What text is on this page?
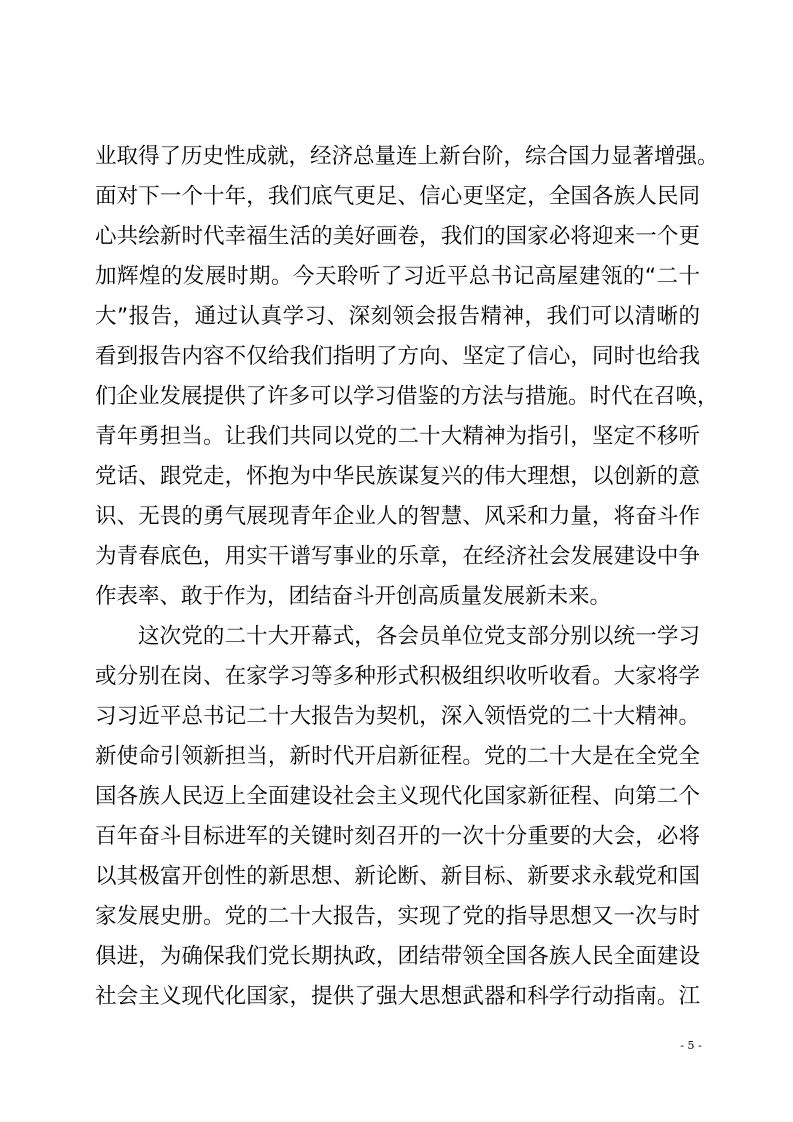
业取得了历史性成就，经济总量连上新台阶，综合国力显著增强。
面对下一个十年，我们底气更足、信心更坚定，全国各族人民同
心共绘新时代幸福生活的美好画卷，我们的国家必将迎来一个更
加辉煌的发展时期。今天聆听了习近平总书记高屋建瓴的“二十
大”报告，通过认真学习、深刻领会报告精神，我们可以清晰的
看到报告内容不仅给我们指明了方向、坚定了信心，同时也给我
们企业发展提供了许多可以学习借鉴的方法与措施。时代在召唤，
青年勇担当。让我们共同以党的二十大精神为指引，坚定不移听
党话、跟党走，怀抱为中华民族谋复兴的伟大理想，以创新的意
识、无畏的勇气展现青年企业人的智慧、风采和力量，将奋斗作
为青春底色，用实干谱写事业的乐章，在经济社会发展建设中争
作表率、敢于作为，团结奋斗开创高质量发展新未来。
这次党的二十大开幕式，各会员单位党支部分别以统一学习
或分别在岗、在家学习等多种形式积极组织收听收看。大家将学
习习近平总书记二十大报告为契机，深入领悟党的二十大精神。
新使命引领新担当，新时代开启新征程。党的二十大是在全党全
国各族人民迈上全面建设社会主义现代化国家新征程、向第二个
百年奋斗目标进军的关键时刻召开的一次十分重要的大会，必将
以其极富开创性的新思想、新论断、新目标、新要求永载党和国
家发展史册。党的二十大报告，实现了党的指导思想又一次与时
俱进，为确保我们党长期执政，团结带领全国各族人民全面建设
社会主义现代化国家，提供了强大思想武器和科学行动指南。江
- 5 -
